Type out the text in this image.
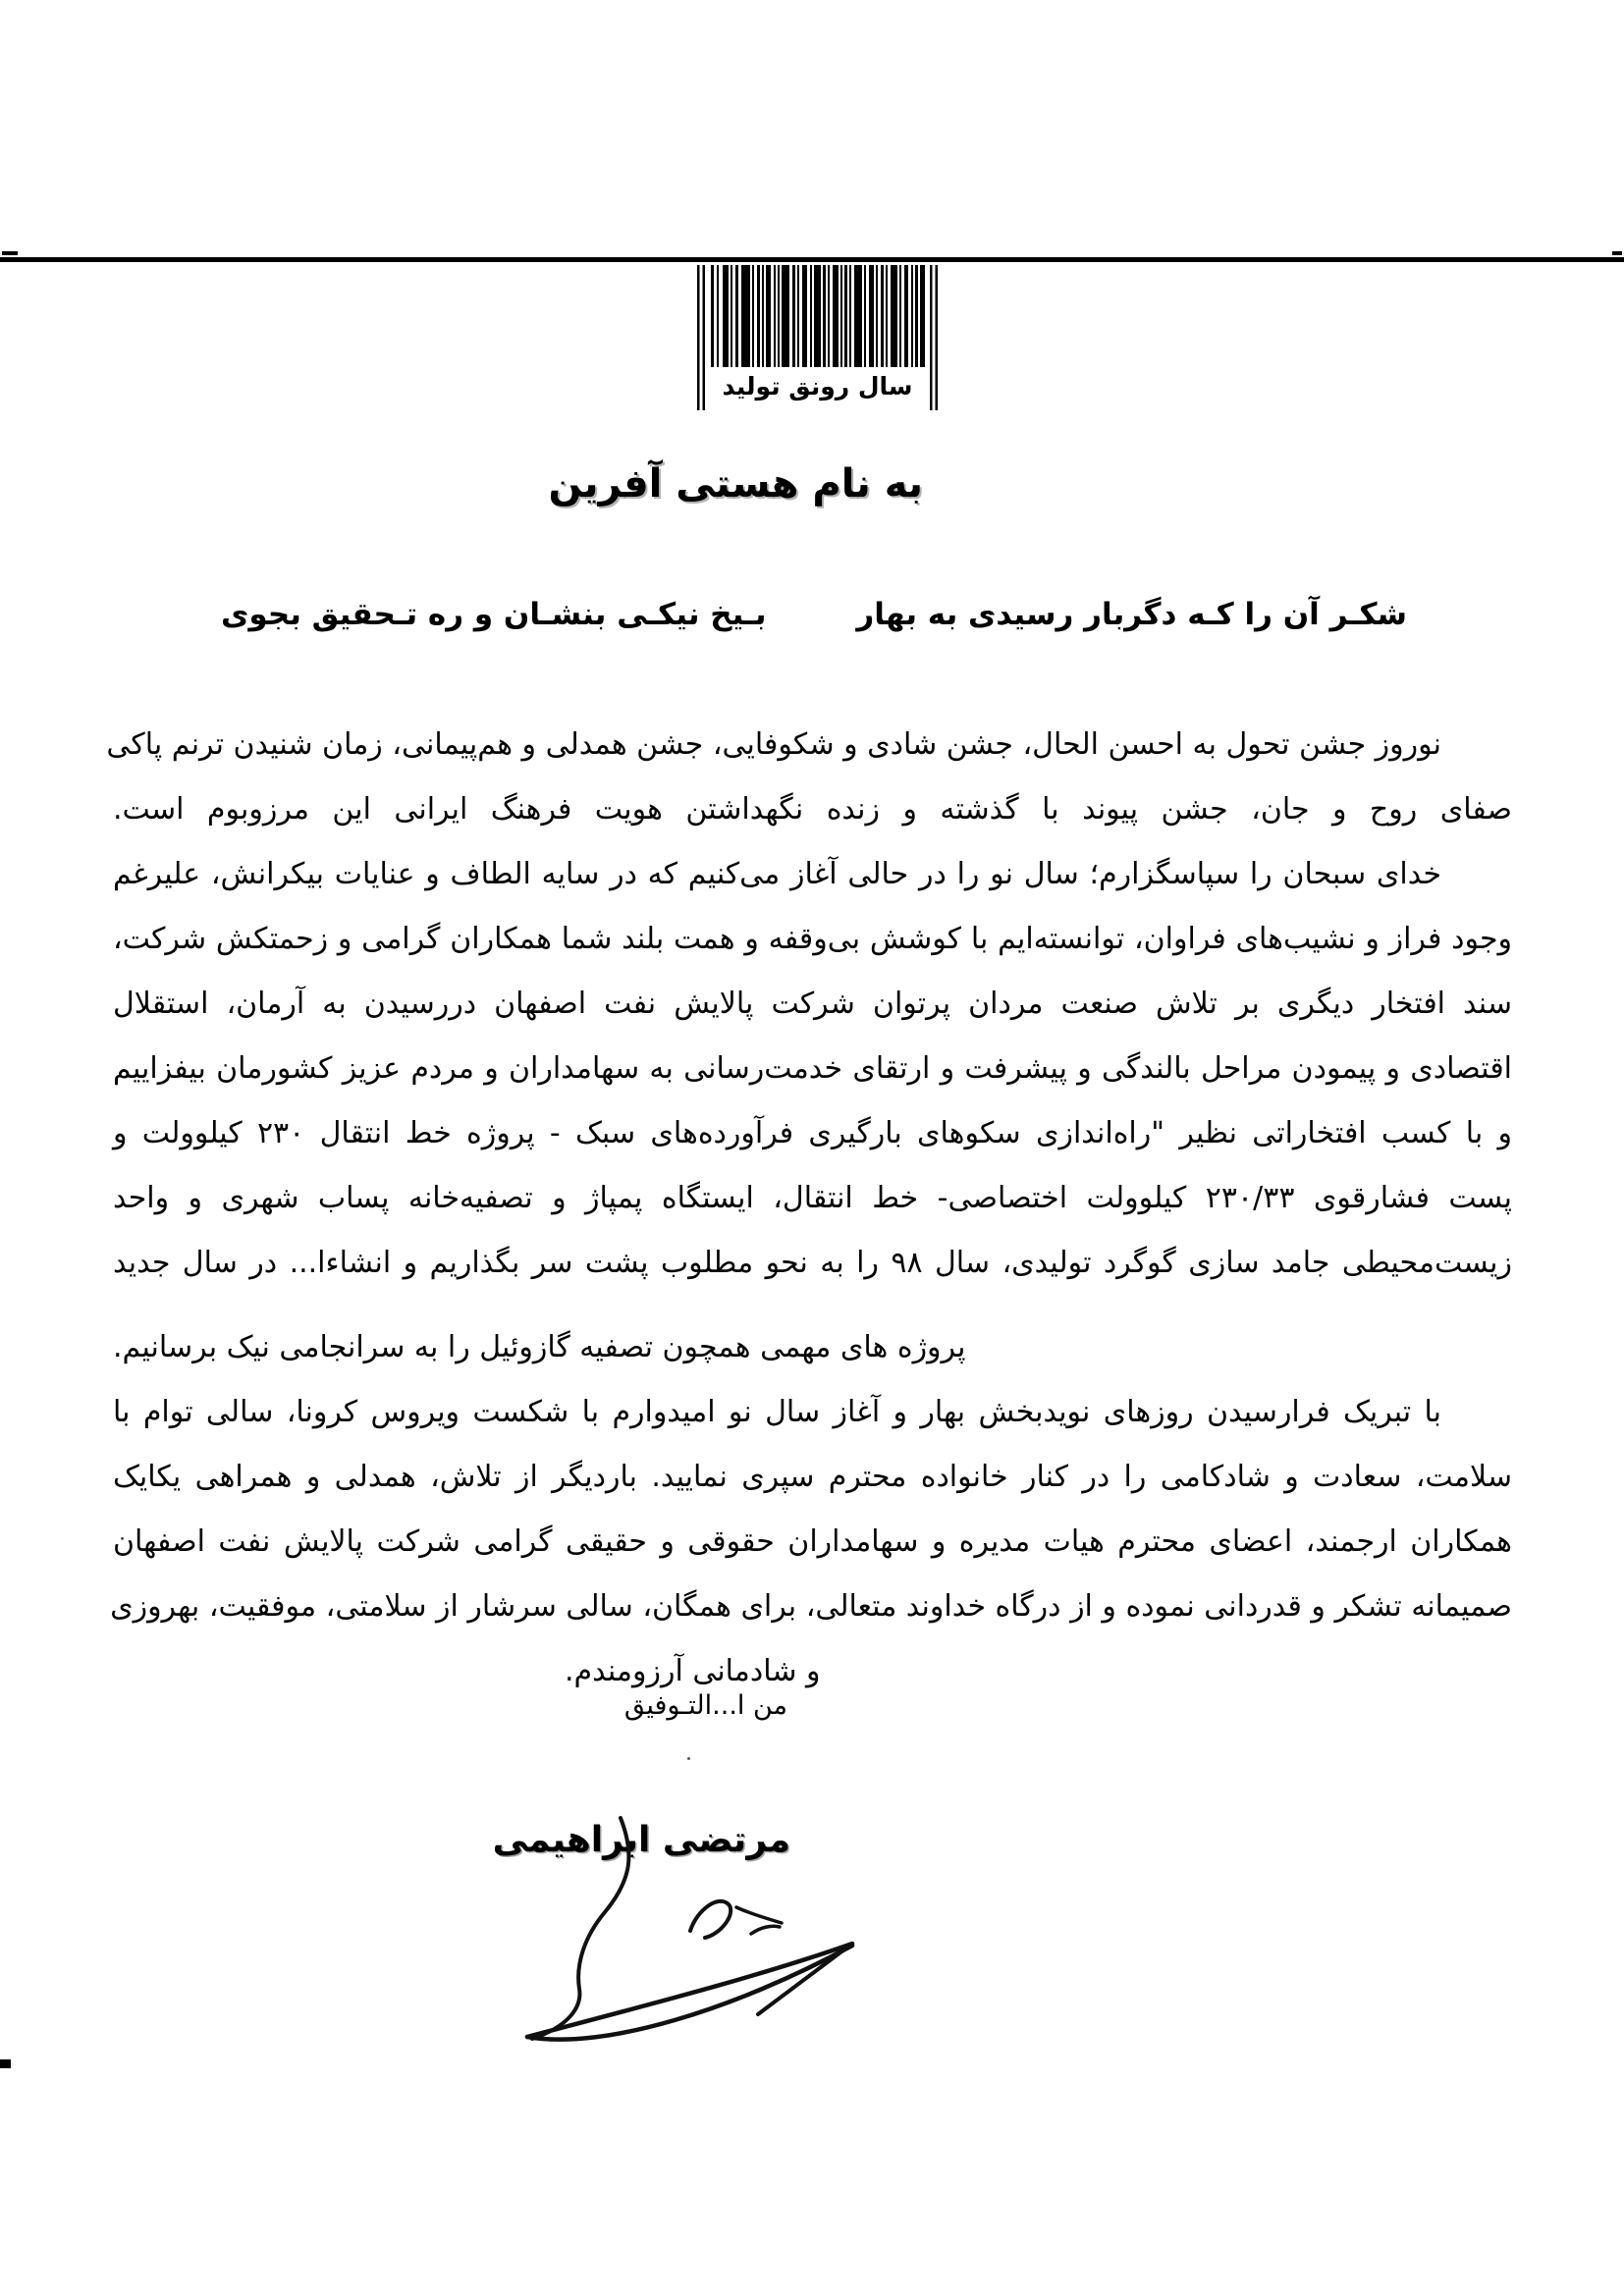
سال رونق تولید
به نام هستی آفرین
شکـر آن را کـه دگربار رسیدی به بهار
بـیخ نیکـی بنشـان و ره تـحقیق بجوی
نوروز جشن تحول به احسن الحال، جشن شادی و شکوفایی، جشن همدلی و هم‌پیمانی، زمان شنیدن ترنم پاکی
صفای روح و جان، جشن پیوند با گذشته و زنده نگهداشتن هویت فرهنگ ایرانی این مرزوبوم است.
خدای سبحان را سپاسگزارم؛ سال نو را در حالی آغاز می‌کنیم که در سایه الطاف و عنایات بیکرانش، علیرغم
وجود فراز و نشیب‌های فراوان، توانسته‌ایم با کوشش بی‌وقفه و همت بلند شما همکاران گرامی و زحمتکش شرکت،
سند افتخار دیگری بر تلاش صنعت مردان پرتوان شرکت پالایش نفت اصفهان دررسیدن به آرمان، استقلال
اقتصادی و پیمودن مراحل بالندگی و پیشرفت و ارتقای خدمت‌رسانی به سهامداران و مردم عزیز کشورمان بیفزاییم
و با کسب افتخاراتی نظیر "راه‌اندازی سکوهای بارگیری فرآورده‌های سبک - پروژه خط انتقال ۲۳۰ کیلوولت و
پست فشارقوی ۲۳۰/۳۳ کیلوولت اختصاصی- خط انتقال، ایستگاه پمپاژ و تصفیه‌خانه پساب شهری و واحد
زیست‌محیطی جامد سازی گوگرد تولیدی، سال ۹۸ را به نحو مطلوب پشت سر بگذاریم و انشاءا... در سال جدید
پروژه های مهمی همچون تصفیه گازوئیل را به سرانجامی نیک برسانیم.
با تبریک فرارسیدن روزهای نویدبخش بهار و آغاز سال نو امیدوارم با شکست ویروس کرونا، سالی توام با
سلامت، سعادت و شادکامی را در کنار خانواده محترم سپری نمایید. باردیگر از تلاش، همدلی و همراهی یکایک
همکاران ارجمند، اعضای محترم هیات مدیره و سهامداران حقوقی و حقیقی گرامی شرکت پالایش نفت اصفهان
صمیمانه تشکر و قدردانی نموده و از درگاه خداوند متعالی، برای همگان، سالی سرشار از سلامتی، موفقیت، بهروزی
و شادمانی آرزومندم.
من ا...التـوفیق
مرتضی ابراهیمی
